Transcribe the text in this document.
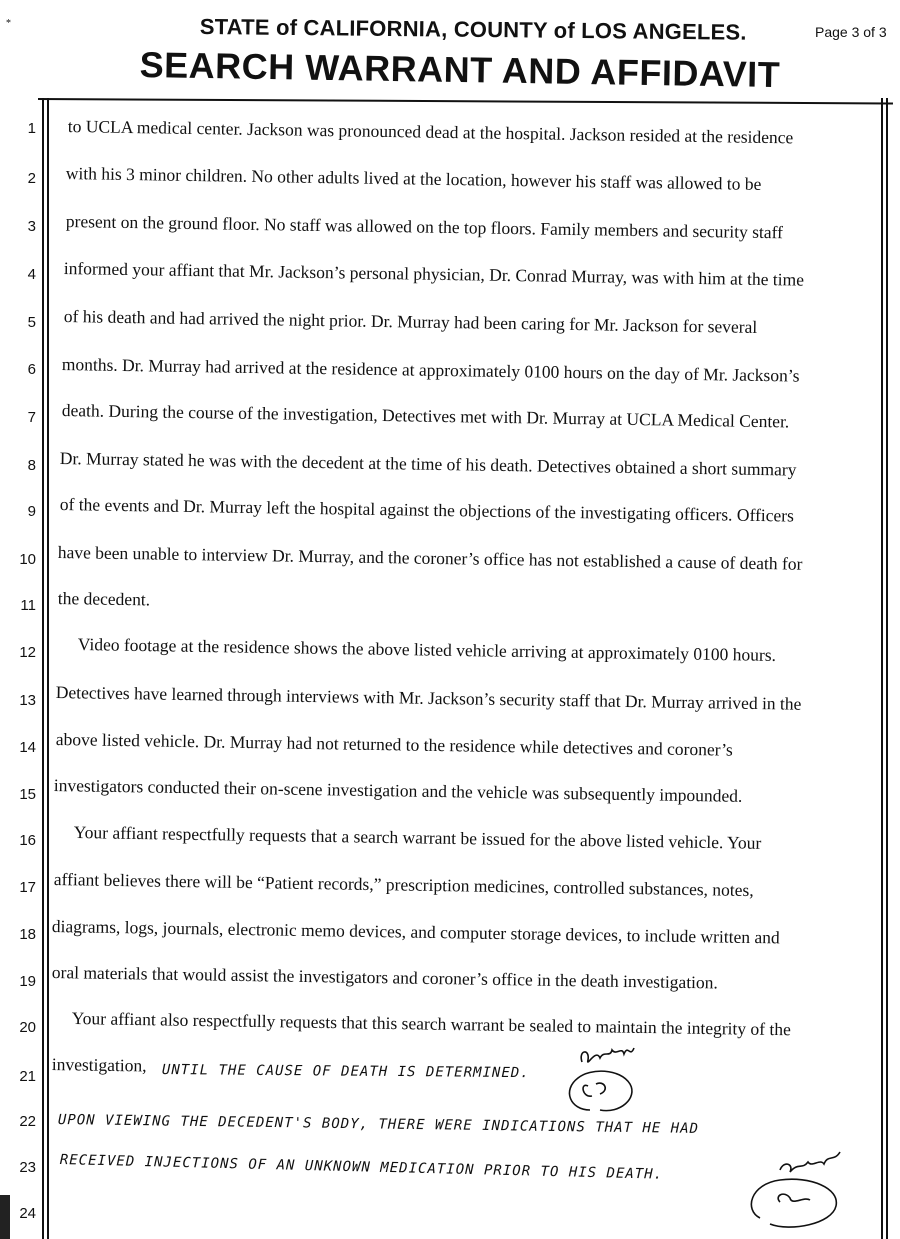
*	STATE of CALIFORNIA, COUNTY of LOS ANGELES.
SEARCH WARRANT AND AFFIDAVIT
Page 3 of 3
1
2
3
4
5
6
7
8
9
10
11
12
13
14
15
16
17
18
19
20
21
22
23
24
to UCLA medical center. Jackson was pronounced dead at the hospital. Jackson resided at the residence
with his 3 minor children. No other adults lived at the location, however his staff was allowed to be
present on the ground floor. No staff was allowed on the top floors. Family members and security staff
informed your affiant that Mr. Jackson’s personal physician, Dr. Conrad Murray, was with him at the time
of his death and had arrived the night prior. Dr. Murray had been caring for Mr. Jackson for several
months. Dr. Murray had arrived at the residence at approximately 0100 hours on the day of Mr. Jackson’s
death. During the course of the investigation, Detectives met with Dr. Murray at UCLA Medical Center.
Dr. Murray stated he was with the decedent at the time of his death. Detectives obtained a short summary
of the events and Dr. Murray left the hospital against the objections of the investigating officers. Officers
have been unable to interview Dr. Murray, and the coroner’s office has not established a cause of death for
the decedent.
Video footage at the residence shows the above listed vehicle arriving at approximately 0100 hours.
Detectives have learned through interviews with Mr. Jackson’s security staff that Dr. Murray arrived in the
above listed vehicle. Dr. Murray had not returned to the residence while detectives and coroner’s
investigators conducted their on-scene investigation and the vehicle was subsequently impounded.
Your affiant respectfully requests that a search warrant be issued for the above listed vehicle. Your
affiant believes there will be “Patient records,” prescription medicines, controlled substances, notes,
diagrams, logs, journals, electronic memo devices, and computer storage devices, to include written and
oral materials that would assist the investigators and coroner’s office in the death investigation.
Your affiant also respectfully requests that this search warrant be sealed to maintain the integrity of the
investigation, UNTIL THE CAUSE OF DEATH IS DETERMINED.
UPON VIEWING THE DECEDENT'S BODY, THERE WERE INDICATIONS THAT HE HAD
RECEIVED INJECTIONS OF AN UNKNOWN MEDICATION PRIOR TO HIS DEATH.
